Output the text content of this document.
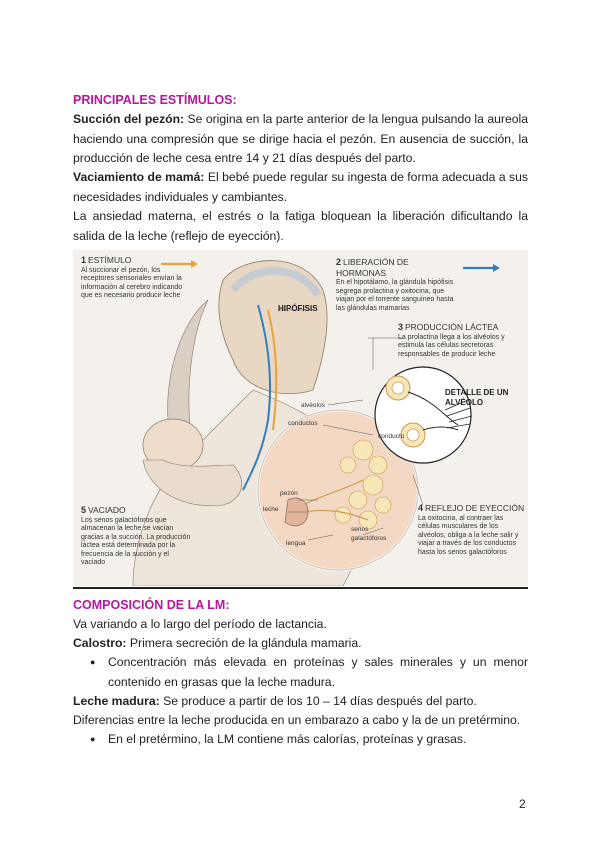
PRINCIPALES ESTÍMULOS:
Succión del pezón: Se origina en la parte anterior de la lengua pulsando la aureola haciendo una compresión que se dirige hacia el pezón. En ausencia de succión, la producción de leche cesa entre 14 y 21 días después del parto.
Vaciamiento de mamá: El bebé puede regular su ingesta de forma adecuada a sus necesidades individuales y cambiantes.
La ansiedad materna, el estrés o la fatiga bloquean la liberación dificultando la salida de la leche (reflejo de eyección).
1 ESTÍMULO
Al succionar el pezón, los receptores sensoriales envían la información al cerebro indicando que es necesario producir leche
2 LIBERACIÓN DE HORMONAS
En el hipotálamo, la glándula hipófisis segrega prolactina y oxitocina, que viajan por el torrente sanguíneo hasta las glándulas mamarias
HIPÓFISIS
3 PRODUCCIÓN LÁCTEA
La prolactina llega a los alvéolos y estimula las células secretoras responsables de producir leche
DETALLE DE UN ALVÉOLO
alvéolos
conductos
conducto
pezón
leche
lengua
senos galactóforos
4 REFLEJO DE EYECCIÓN
La oxitocina, al contraer las células musculares de los alvéolos, obliga a la leche salir y viajar a través de los conductos hasta los senos galactóforos
5 VACIADO
Los senos galactóforos que almacenan la leche se vacían gracias a la succión. La producción láctea está determinada por la frecuencia de la succión y el vaciado
COMPOSICIÓN DE LA LM:
Va variando a lo largo del período de lactancia.
Calostro: Primera secreción de la glándula mamaria.
● Concentración más elevada en proteínas y sales minerales y un menor contenido en grasas que la leche madura.
Leche madura: Se produce a partir de los 10 – 14 días después del parto.
Diferencias entre la leche producida en un embarazo a cabo y la de un pretérmino.
● En el pretérmino, la LM contiene más calorías, proteínas y grasas.
2
